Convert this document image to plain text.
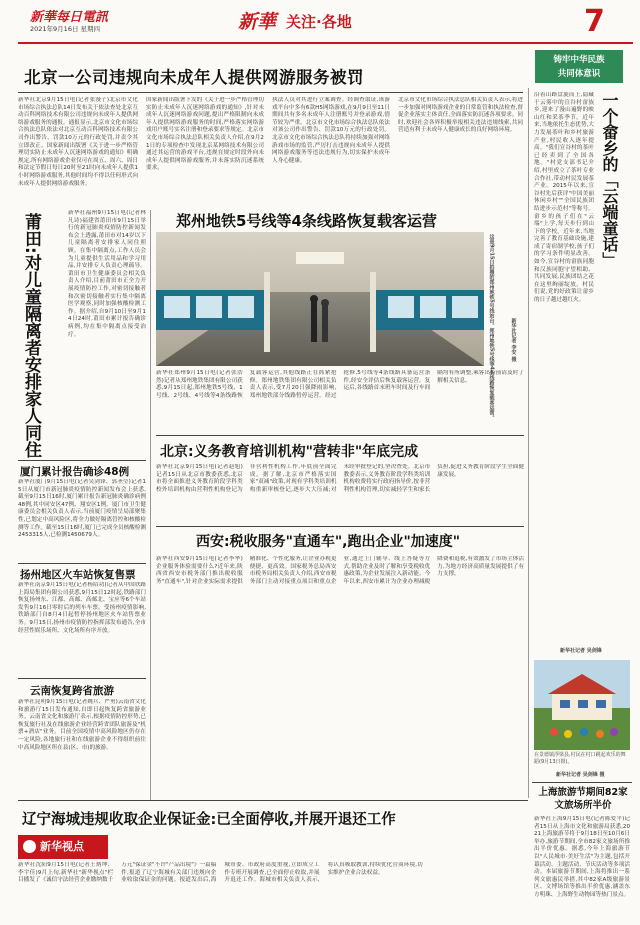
新華每日電訊
2021年9月16日 星期四	新華 关注·各地	7
铸牢中华民族
共同体意识
北京一公司违规向未成年人提供网游服务被罚
新华社北京9月15日电(记者张漫子)北京市文化市场综合执法总队14日发布关于依法查处北京互动百科网络技术有限公司违规向未成年人提供网络游戏服务的通报。通报显示,北京市文化市场综合执法总队依法对北京互动百科网络技术有限公司作出警告、罚款10万元的行政处罚,并责令其立即改正。国家新闻出版署《关于进一步严格管理切实防止未成年人沉迷网络游戏的通知》明确规定,所有网络游戏企业仅可在周五、周六、周日和法定节假日每日20时至21时向未成年人提供1小时网络游戏服务,其他时间均不得以任何形式向未成年人提供网络游戏服务。
国家新闻出版署下发的《关于进一步严格管理切实防止未成年人沉迷网络游戏的通知》,针对未成年人沉迷网络游戏问题,提出严格限制向未成年人提供网络游戏服务的时间,严格落实网络游戏用户账号实名注册和登录要求等规定。北京市文化市场综合执法总队相关负责人介绍,在9月21日的专项检查中发现北京某网络技术有限公司通过其运营的游戏平台,违规在规定时段外向未成年人提供网络游戏服务,并未落实防沉迷系统要求。
执法人员对其进行立案调查。经调查取证,该游戏平台中多有6款H5网络游戏,在9月9日至11日期间共有多名未成年人注册账号并登录游戏,情节较为严重。北京市文化市场综合执法总队依法对该公司作出警告、罚款10万元的行政处罚。北京市文化市场综合执法总队将持续加强对网络游戏市场的监管,严厉打击违规向未成年人提供网络游戏服务等违法违规行为,切实保护未成年人身心健康。
北京市文化市场综合执法总队相关负责人表示,将进一步加强对网络游戏企业的日常监管和执法检查,督促企业落实主体责任,全面落实防沉迷各项要求。同时,欢迎社会各界积极举报相关违法违规线索,共同营造有利于未成年人健康成长的良好网络环境。
莆田:对儿童隔离者安排家人同住	新华社福州9月15日电(记者林凡诗)福建省莆田市9月15日举行的新冠肺炎疫情防控新闻发布会上透露,莆田市对14岁以下儿童隔离者安排家人同住照顾。在集中隔离点,工作人员会为儿童提供生活用品和学习用品,并安排专人负责心理疏导。莆田市卫生健康委员会相关负责人介绍,目前莆田市正全力开展疫情防控工作,对密切接触者和次密切接触者实行集中隔离医学观察,同时加强核酸检测工作。据介绍,自9月10日至9月14日24时,莆田市累计报告确诊病例,均在集中隔离点接受治疗。
厦门累计报告确诊48例
新华社厦门9月15日电(记者吴剑锋、郭圣莹)记者15日从厦门市新冠肺炎疫情防控新闻发布会上获悉,截至9月15日16时,厦门累计报告新冠肺炎确诊病例48例,其中同安区47例、翔安区1例。厦门市卫生健康委员会相关负责人表示,当前厦门疫情呈局部聚集性,已划定中高风险区,将全力做好隔离管控和核酸检测等工作。截至15日16时,厦门已完成全员核酸检测2453315人,已检测1450679人。
扬州地区火车站恢复售票
新华社南京9月15日电(记者杨绍功)记者从中国铁路上海局集团有限公司获悉,9月15日12时起,铁路部门恢复扬州东、江都、高邮、高邮北、宝应等6个车站发售9月16日零时后的列车车票。受扬州疫情影响,铁路部门自8月4日起暂停扬州地区火车站售票业务。9月15日,扬州市疫情防控指挥部发布通告,全市经营性娱乐场所、文化场所有序开放。
云南恢复跨省旅游
新华社昆明9月15日电(记者姚兵、严勇)云南省文化和旅游厅15日发布通知,自即日起恢复跨省旅游业务。云南省文化和旅游厅表示,根据疫情防控形势,已恢复旅行社及在线旅游企业经营跨省团队旅游及"机票+酒店"业务。目前全国疫情中高风险地区仍存在一定风险,各地旅行社和在线旅游企业不得组织前往中高风险地区所在县(区、市)的旅游。
郑州地铁5号线等4条线路恢复载客运营
这是9月15日拍摄的郑州地铁5号线站台。郑州地铁5号线等4条线路恢复载客运营。	新华社记者 李安 摄
新华社郑州9月15日电(记者张浩然)记者从郑州地铁集团有限公司获悉,9月15日起,郑州地铁5号线、1号线、2号线、4号线等4条线路恢复载客运营,其他线路正在抓紧抢修。郑州地铁集团有限公司相关负责人表示,受7月20日强降雨影响,郑州地铁部分线路暂停运营。经过抢修,5号线等4条线路具备运营条件,经安全评估后恢复载客运营。复运后,各线路首末班车时间及行车间隔均有所调整,乘客出行前请及时了解相关信息。
北京:义务教育培训机构"营转非"年底完成
新华社北京9月15日电(记者赵旭)记者15日从北京市教委获悉,北京市将全面推进义务教育阶段学科类校外培训机构由营利性机构登记为非营利性机构工作,年底前全面完成。据了解,北京市严格落实国家"双减"政策,对现有学科类培训机构重新审核登记,逐步大大压减;对未经审批登记的,坚决查处。北京市教委表示,义务教育阶段学科类培训机构收费将实行政府指导价,按非营利性机构管理,切实减轻学生和家长负担,促进义务教育阶段学生全面健康发展。
西安:税收服务"直通车",跑出企业"加速度"
新华社西安9月15日电(记者李华)企业服务体验需要什么?近年来,陕西省西安市税务部门推出税收服务"直通车",针对企业实际需求提供精准化、个性化服务,让企业办税更便捷、更高效。国家税务总局西安市税务局相关负责人介绍,西安市税务部门主动对接重点项目和重点企业,通过上门辅导、线上答疑等方式,帮助企业及时了解和享受税收优惠政策,为企业发展注入新动能。今年以来,西安市累计为企业办理减税降费和退税,有效激发了市场主体活力,为地方经济高质量发展提供了有力支撑。
一个畲乡的「云端童话」
沿着山路盘旋而上,隐藏于云雾中的宣谷村畲族乡,迎来了漫山遍野的映山红和采茶季节。近年来,当地依托生态优势,大力发展茶叶和乡村旅游产业,村民收入逐年提高。"我们宣谷村的茶叶已经卖到了全国各地。"村党支部书记介绍,村里成立了茶叶专业合作社,带动村民发展茶产业。2015年以来,宣谷村先后获评"中国美丽休闲乡村""全国民族团结进步示范村"等称号。畲乡的孩子们在"云端"上学,每天步行到山下的学校。近年来,当地完善了教育基础设施,建成了寄宿制学校,孩子们的学习条件明显改善。如今,宣谷村的畲族同胞和汉族同胞守望相助、共同发展,民族团结之花在这里绚丽绽放。村民们说,党的好政策让畲乡的日子越过越红火。
新华社记者 吴剑锋
在景德镇浮梁县,村民在村口跳起欢乐的舞蹈(9月13日摄)。
新华社记者 吴剑锋 摄
上海旅游节期间82家文旅场所半价
新华社上海9月15日电(记者陈爱平)记者15日从上海市文化和旅游局获悉,2021上海旅游节将于9月18日至10月6日举办,旅游节期间,全市82家文旅场所推出半价优惠。据悉,今年上海旅游节以"人民城市·美好生活"为主题,包括开幕活动、主题活动、节庆活动等多项活动。本届旅游节期间,上海将推出一系列文旅惠民举措,其中82家A级旅游景区、文博场馆等推出半价优惠,涵盖东方明珠、上海野生动物园等热门景点。
辽宁海城违规收取企业保证金:已全面停收,并展开退还工作
新华视点
新华社沈阳9月15日电(记者王炳坤、李宇佳)9月上旬,新华社"新华视点"栏目播发了《诚信守法经营企业缴纳数千万元"保证金"不许"产品出境"》一篇稿件,报道了辽宁海城有关部门违规向企业收取保证金的问题。报道发出后,海城市委、市政府高度重视,立即成立工作专班开展调查,已全面停止收取,并展开退还工作。海城市相关负责人表示,将认真吸取教训,持续优化营商环境,切实维护企业合法权益。
